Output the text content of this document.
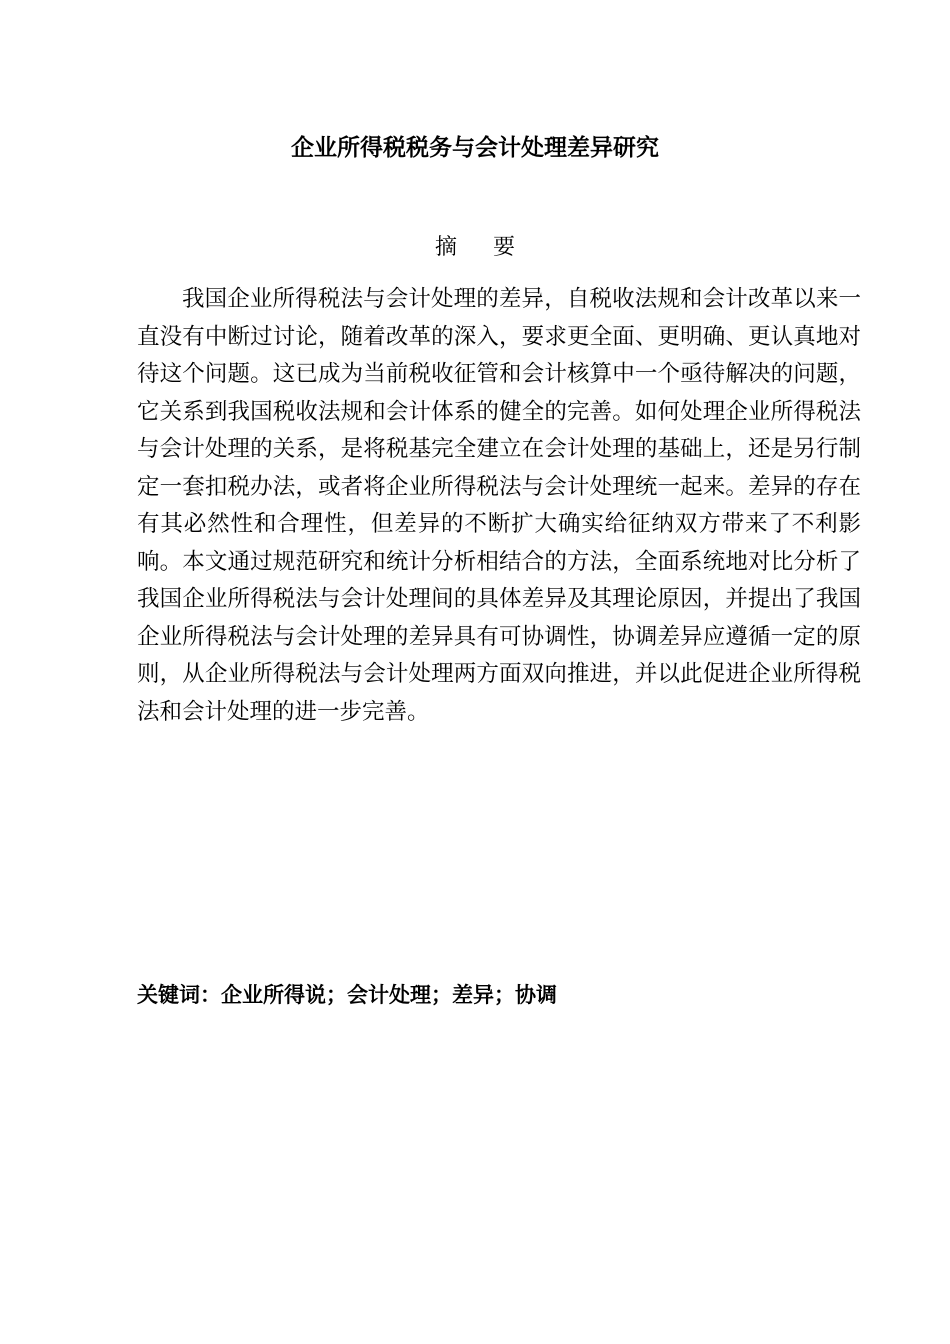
企业所得税税务与会计处理差异研究
摘要

我国企业所得税法与会计处理的差异，自税收法规和会计改革以来一直没有中断过讨论，随着改革的深入，要求更全面、更明确、更认真地对待这个问题。这已成为当前税收征管和会计核算中一个亟待解决的问题，它关系到我国税收法规和会计体系的健全的完善。如何处理企业所得税法与会计处理的关系，是将税基完全建立在会计处理的基础上，还是另行制定一套扣税办法，或者将企业所得税法与会计处理统一起来。差异的存在有其必然性和合理性，但差异的不断扩大确实给征纳双方带来了不利影响。本文通过规范研究和统计分析相结合的方法，全面系统地对比分析了我国企业所得税法与会计处理间的具体差异及其理论原因，并提出了我国企业所得税法与会计处理的差异具有可协调性，协调差异应遵循一定的原则，从企业所得税法与会计处理两方面双向推进，并以此促进企业所得税法和会计处理的进一步完善。

关键词：企业所得说；会计处理；差异；协调
